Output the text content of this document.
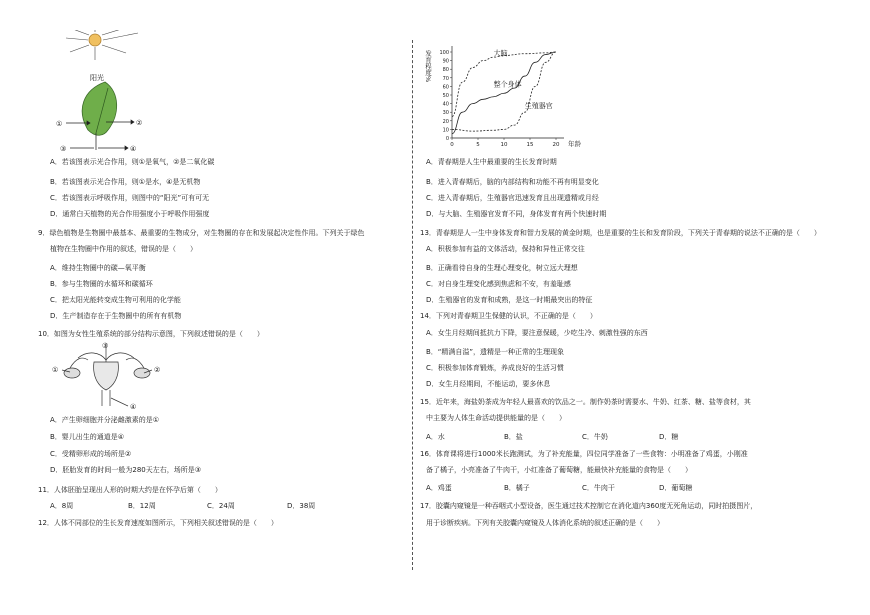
阳光
①	②
③	④
A．若该图表示光合作用，则①是氧气，②是二氧化碳
B．若该图表示光合作用，则①是水，④是无机物
C．若该图表示呼吸作用，则图中的“阳光”可有可无
D．通常白天植物的光合作用强度小于呼吸作用强度
9．绿色植物是生物圈中最基本、最重要的生物成分，对生物圈的存在和发展起决定性作用。下列关于绿色
植物在生物圈中作用的叙述，错误的是（　　）
A．维持生物圈中的碳—氧平衡
B．参与生物圈的水循环和碳循环
C．把太阳光能转变成生物可利用的化学能
D．生产制造存在于生物圈中的所有有机物
10．如图为女性生殖系统的部分结构示意图，下列叙述错误的是（　　）
①	②
③
④
A．产生卵细胞并分泌雌激素的是①
B．婴儿出生的通道是④
C．受精卵形成的场所是②
D．胚胎发育的时间一般为280天左右，场所是③
11．人体胚胎呈现出人形的时期大约是在怀孕后第（　　）
A．8周	B．12周	C．24周	D．38周
12．人体不同部位的生长发育速度如图所示，下列相关叙述错误的是（　　）
发育程度%
年龄
0
10
20
30
40
50
60
70
80
90
100
0	5	10	15	20
大脑
整个身体
生殖器官
A．青春期是人生中最重要的生长发育时期
B．进入青春期后，脑的内部结构和功能不再有明显变化
C．进入青春期后，生殖器官迅速发育且出现遗精或月经
D．与大脑、生殖器官发育不同，身体发育有两个快速时期
13．青春期是人一生中身体发育和智力发展的黄金时期，也是重要的生长和发育阶段，下列关于青春期的说法不正确的是（　　）
A．积极参加有益的文体活动，保持和异性正常交往
B．正确看待自身的生理心理变化，树立远大理想
C．对自身生理变化感到焦虑和不安，有羞耻感
D．生殖器官的发育和成熟，是这一时期最突出的特征
14．下列对青春期卫生保健的认识，不正确的是（　　）
A．女生月经期间抵抗力下降，要注意保暖，少吃生冷、刺激性强的东西
B．“精满自溢”，遗精是一种正常的生理现象
C．积极参加体育锻炼，养成良好的生活习惯
D．女生月经期间，不能运动，要多休息
15．近年来，海盐奶茶成为年轻人最喜欢的饮品之一。制作奶茶时需要水、牛奶、红茶、糖、盐等食材，其
中主要为人体生命活动提供能量的是（　　）
A．水	B．盐	C．牛奶	D．糖
16．体育课将进行1000米长跑测试，为了补充能量，四位同学准备了一些食物：小明准备了鸡蛋，小刚准
备了橘子，小亮准备了牛肉干，小红准备了葡萄糖，能最快补充能量的食物是（　　）
A．鸡蛋	B．橘子	C．牛肉干	D．葡萄糖
17．胶囊内窥镜是一种吞咽式小型设备，医生通过技术控制它在消化道内360度无死角运动，同时拍摄图片，
用于诊断疾病。下列有关胶囊内窥镜及人体消化系统的叙述正确的是（　　）
